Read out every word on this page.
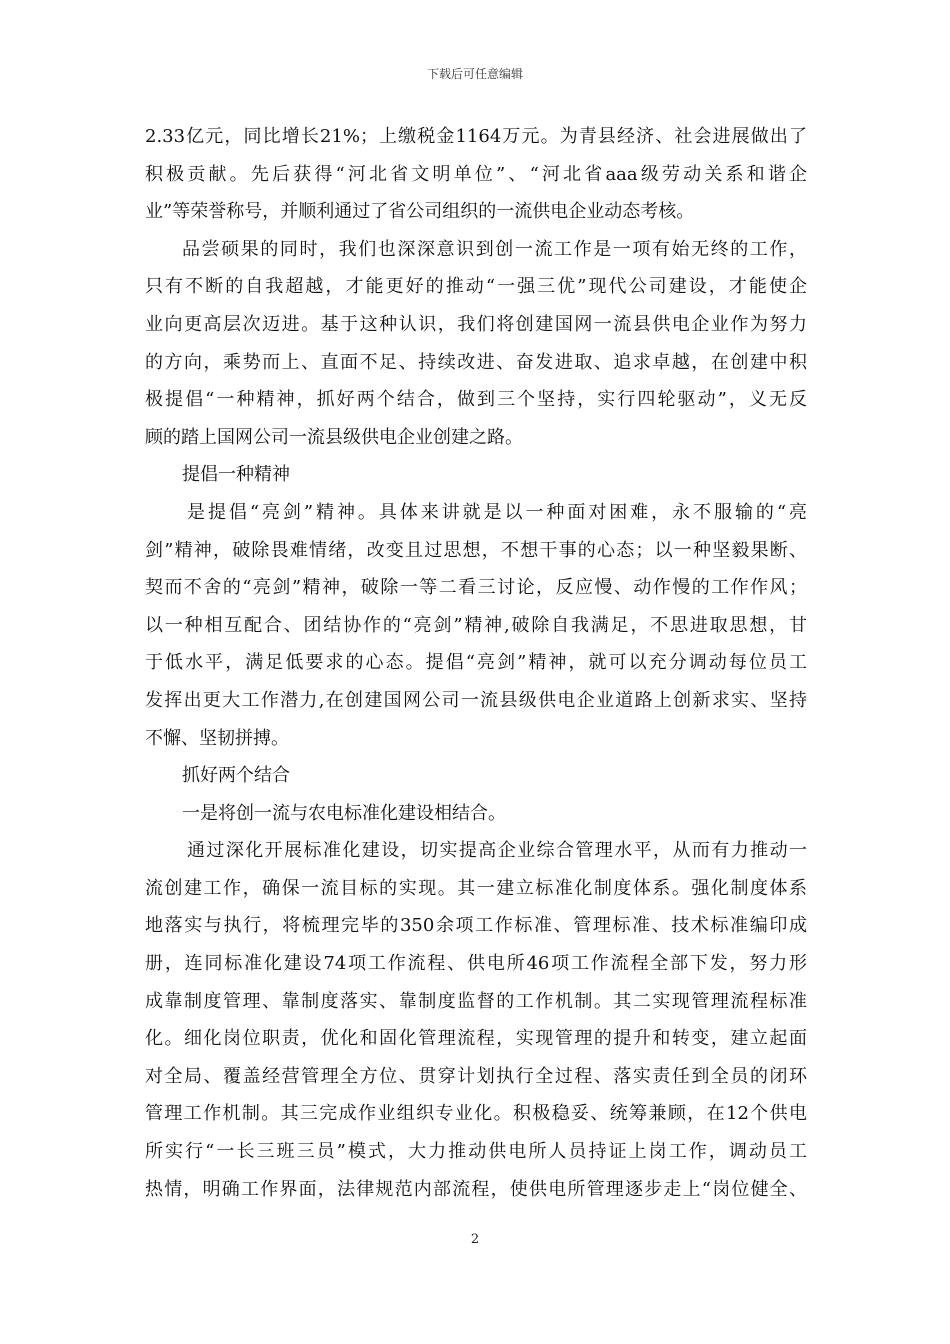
下载后可任意编辑
2.33亿元，同比增长21%；上缴税金1164万元。为青县经济、社会进展做出了
积极贡献。先后获得“河北省文明单位”、“河北省aaa级劳动关系和谐企
业”等荣誉称号，并顺利通过了省公司组织的一流供电企业动态考核。
品尝硕果的同时，我们也深深意识到创一流工作是一项有始无终的工作，
只有不断的自我超越，才能更好的推动“一强三优”现代公司建设，才能使企
业向更高层次迈进。基于这种认识，我们将创建国网一流县供电企业作为努力
的方向，乘势而上、直面不足、持续改进、奋发进取、追求卓越，在创建中积
极提倡“一种精神，抓好两个结合，做到三个坚持，实行四轮驱动”，义无反
顾的踏上国网公司一流县级供电企业创建之路。
提倡一种精神
是提倡“亮剑”精神。具体来讲就是以一种面对困难，永不服输的“亮
剑”精神，破除畏难情绪，改变且过思想，不想干事的心态；以一种坚毅果断、
契而不舍的“亮剑”精神，破除一等二看三讨论，反应慢、动作慢的工作作风；
以一种相互配合、团结协作的“亮剑”精神,破除自我满足，不思进取思想，甘
于低水平，满足低要求的心态。提倡“亮剑”精神，就可以充分调动每位员工
发挥出更大工作潜力,在创建国网公司一流县级供电企业道路上创新求实、坚持
不懈、坚韧拼搏。
抓好两个结合
一是将创一流与农电标准化建设相结合。
通过深化开展标准化建设，切实提高企业综合管理水平，从而有力推动一
流创建工作，确保一流目标的实现。其一建立标准化制度体系。强化制度体系
地落实与执行，将梳理完毕的350余项工作标准、管理标准、技术标准编印成
册，连同标准化建设74项工作流程、供电所46项工作流程全部下发，努力形
成靠制度管理、靠制度落实、靠制度监督的工作机制。其二实现管理流程标准
化。细化岗位职责，优化和固化管理流程，实现管理的提升和转变，建立起面
对全局、覆盖经营管理全方位、贯穿计划执行全过程、落实责任到全员的闭环
管理工作机制。其三完成作业组织专业化。积极稳妥、统筹兼顾，在12个供电
所实行“一长三班三员”模式，大力推动供电所人员持证上岗工作，调动员工
热情，明确工作界面，法律规范内部流程，使供电所管理逐步走上“岗位健全、
2
